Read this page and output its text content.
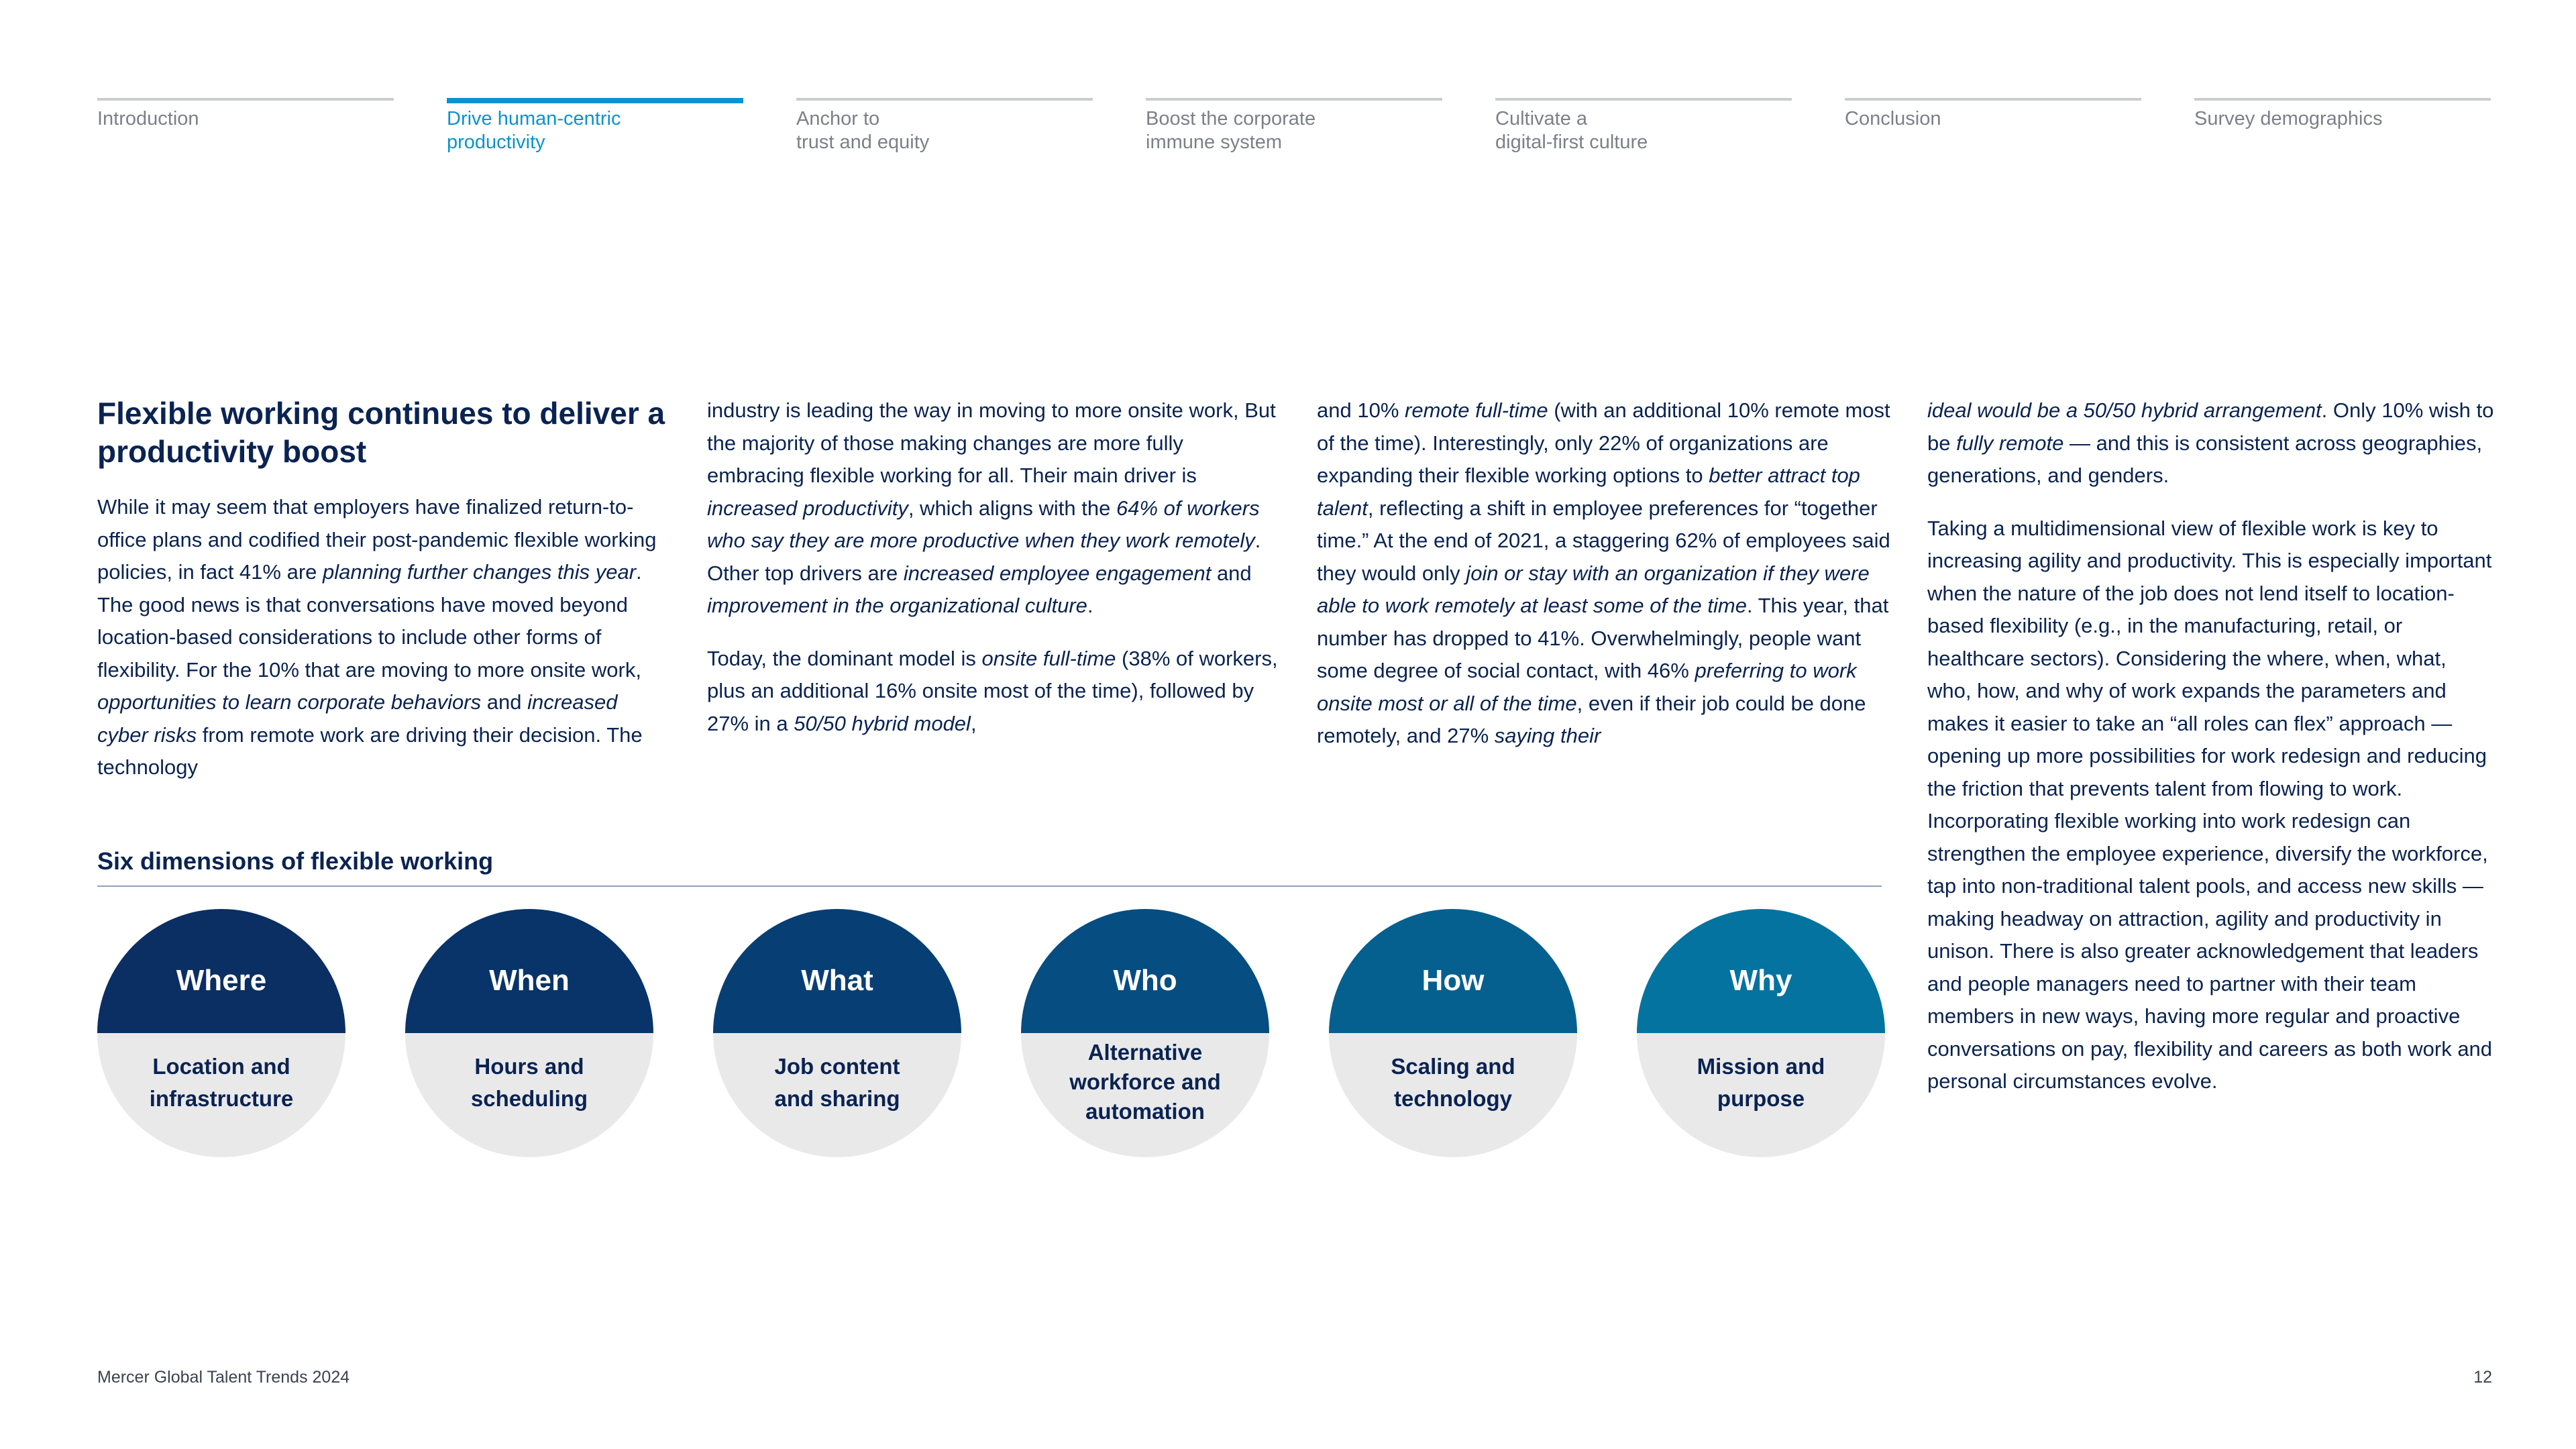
Introduction	Drive human-centric
productivity
Anchor to
trust and equity
Boost the corporate
immune system
Cultivate a
digital-first culture
Conclusion	Survey demographics
Flexible working continues to deliver a productivity boost

While it may seem that employers have finalized return-to-office plans and codified their post-pandemic flexible working policies, in fact 41% are planning further changes this year. The good news is that conversations have moved beyond location-based considerations to include other forms of flexibility. For the 10% that are moving to more onsite work, opportunities to learn corporate behaviors and increased cyber risks from remote work are driving their decision. The technology

industry is leading the way in moving to more onsite work, But the majority of those making changes are more fully embracing flexible working for all. Their main driver is increased productivity, which aligns with the 64% of workers who say they are more productive when they work remotely. Other top drivers are increased employee engagement and improvement in the organizational culture.

Today, the dominant model is onsite full-time (38% of workers, plus an additional 16% onsite most of the time), followed by 27% in a 50/50 hybrid model,

and 10% remote full-time (with an additional 10% remote most of the time). Interestingly, only 22% of organizations are expanding their flexible working options to better attract top talent, reflecting a shift in employee preferences for “together time.” At the end of 2021, a staggering 62% of employees said they would only join or stay with an organization if they were able to work remotely at least some of the time. This year, that number has dropped to 41%. Overwhelmingly, people want some degree of social contact, with 46% preferring to work onsite most or all of the time, even if their job could be done remotely, and 27% saying their

ideal would be a 50/50 hybrid arrangement. Only 10% wish to be fully remote — and this is consistent across geographies, generations, and genders.

Taking a multidimensional view of flexible work is key to increasing agility and productivity. This is especially important when the nature of the job does not lend itself to location-based flexibility (e.g., in the manufacturing, retail, or healthcare sectors). Considering the where, when, what, who, how, and why of work expands the parameters and makes it easier to take an “all roles can flex” approach — opening up more possibilities for work redesign and reducing the friction that prevents talent from flowing to work. Incorporating flexible working into work redesign can strengthen the employee experience, diversify the workforce, tap into non-traditional talent pools, and access new skills — making headway on attraction, agility and productivity in unison. There is also greater acknowledgement that leaders and people managers need to partner with their team members in new ways, having more regular and proactive conversations on pay, flexibility and careers as both work and personal circumstances evolve.

Six dimensions of flexible working
Where
Location and
infrastructure
When
Hours and
scheduling
What
Job content
and sharing
Who
Alternative
workforce and
automation
How
Scaling and
technology
Why
Mission and
purpose
Mercer Global Talent Trends 2024	12
